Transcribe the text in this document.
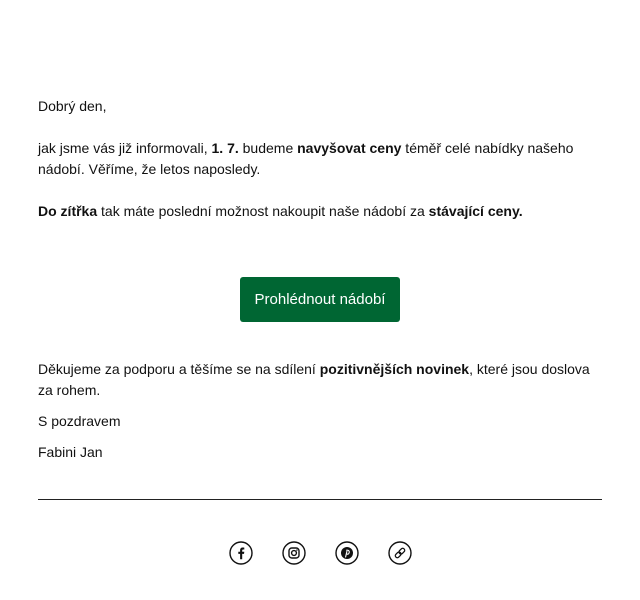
Dobrý den,

jak jsme vás již informovali, 1. 7. budeme navyšovat ceny téměř celé nabídky našeho nádobí. Věříme, že letos naposledy.

Do zítřka tak máte poslední možnost nakoupit naše nádobí za stávající ceny.

Prohlédnout nádobí

Děkujeme za podporu a těšíme se na sdílení pozitivnějších novinek, které jsou doslova za rohem.

S pozdravem

Fabini Jan
